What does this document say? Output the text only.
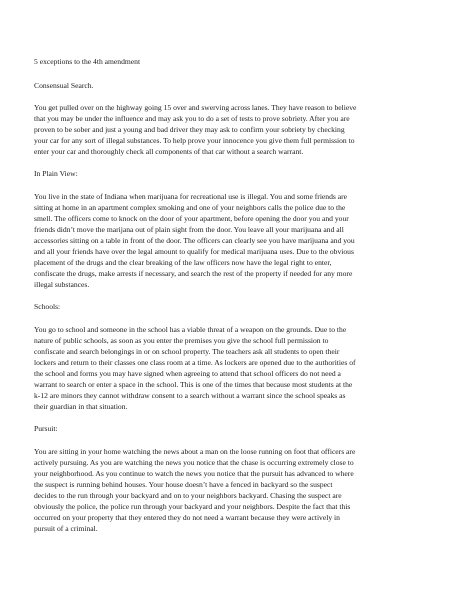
5 exceptions to the 4th amendment

Consensual Search.

You get pulled over on the highway going 15 over and swerving across lanes. They have reason to believe
that you may be under the influence and may ask you to do a set of tests to prove sobriety. After you are
proven to be sober and just a young and bad driver they may ask to confirm your sobriety by checking
your car for any sort of illegal substances. To help prove your innocence you give them full permission to
enter your car and thoroughly check all components of that car without a search warrant.

In Plain View:

You live in the state of Indiana when marijuana for recreational use is illegal. You and some friends are
sitting at home in an apartment complex smoking and one of your neighbors calls the police due to the
smell. The officers come to knock on the door of your apartment, before opening the door you and your
friends didn’t move the marijana out of plain sight from the door. You leave all your marijuana and all
accessories sitting on a table in front of the door. The officers can clearly see you have marijuana and you
and all your friends have over the legal amount to qualify for medical marijuana uses. Due to the obvious
placement of the drugs and the clear breaking of the law officers now have the legal right to enter,
confiscate the drugs, make arrests if necessary, and search the rest of the property if needed for any more
illegal substances.

Schools:

You go to school and someone in the school has a viable threat of a weapon on the grounds. Due to the
nature of public schools, as soon as you enter the premises you give the school full permission to
confiscate and search belongings in or on school property. The teachers ask all students to open their
lockers and return to their classes one class room at a time. As lockers are opened due to the authorities of
the school and forms you may have signed when agreeing to attend that school officers do not need a
warrant to search or enter a space in the school. This is one of the times that because most students at the
k-12 are minors they cannot withdraw consent to a search without a warrant since the school speaks as
their guardian in that situation.

Pursuit:

You are sitting in your home watching the news about a man on the loose running on foot that officers are
actively pursuing. As you are watching the news you notice that the chase is occurring extremely close to
your neighborhood. As you continue to watch the news you notice that the pursuit has advanced to where
the suspect is running behind houses. Your house doesn’t have a fenced in backyard so the suspect
decides to the run through your backyard and on to your neighbors backyard. Chasing the suspect are
obviously the police, the police run through your backyard and your neighbors. Despite the fact that this
occurred on your property that they entered they do not need a warrant because they were actively in
pursuit of a criminal.
